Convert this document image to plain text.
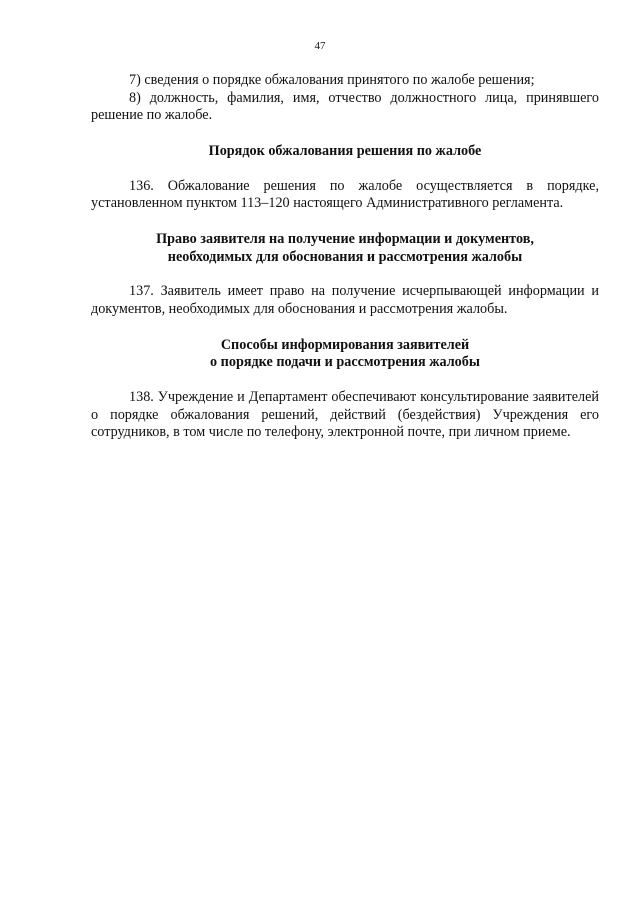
47

7) сведения о порядке обжалования принятого по жалобе решения;

8) должность, фамилия, имя, отчество должностного лица, принявшего решение по жалобе.

Порядок обжалования решения по жалобе

136. Обжалование решения по жалобе осуществляется в порядке, установленном пунктом 113–120 настоящего Административного регламента.

Право заявителя на получение информации и документов,
необходимых для обоснования и рассмотрения жалобы

137. Заявитель имеет право на получение исчерпывающей информации и документов, необходимых для обоснования и рассмотрения жалобы.

Способы информирования заявителей
о порядке подачи и рассмотрения жалобы

138. Учреждение и Департамент обеспечивают консультирование заявителей о порядке обжалования решений, действий (бездействия) Учреждения его сотрудников, в том числе по телефону, электронной почте, при личном приеме.
